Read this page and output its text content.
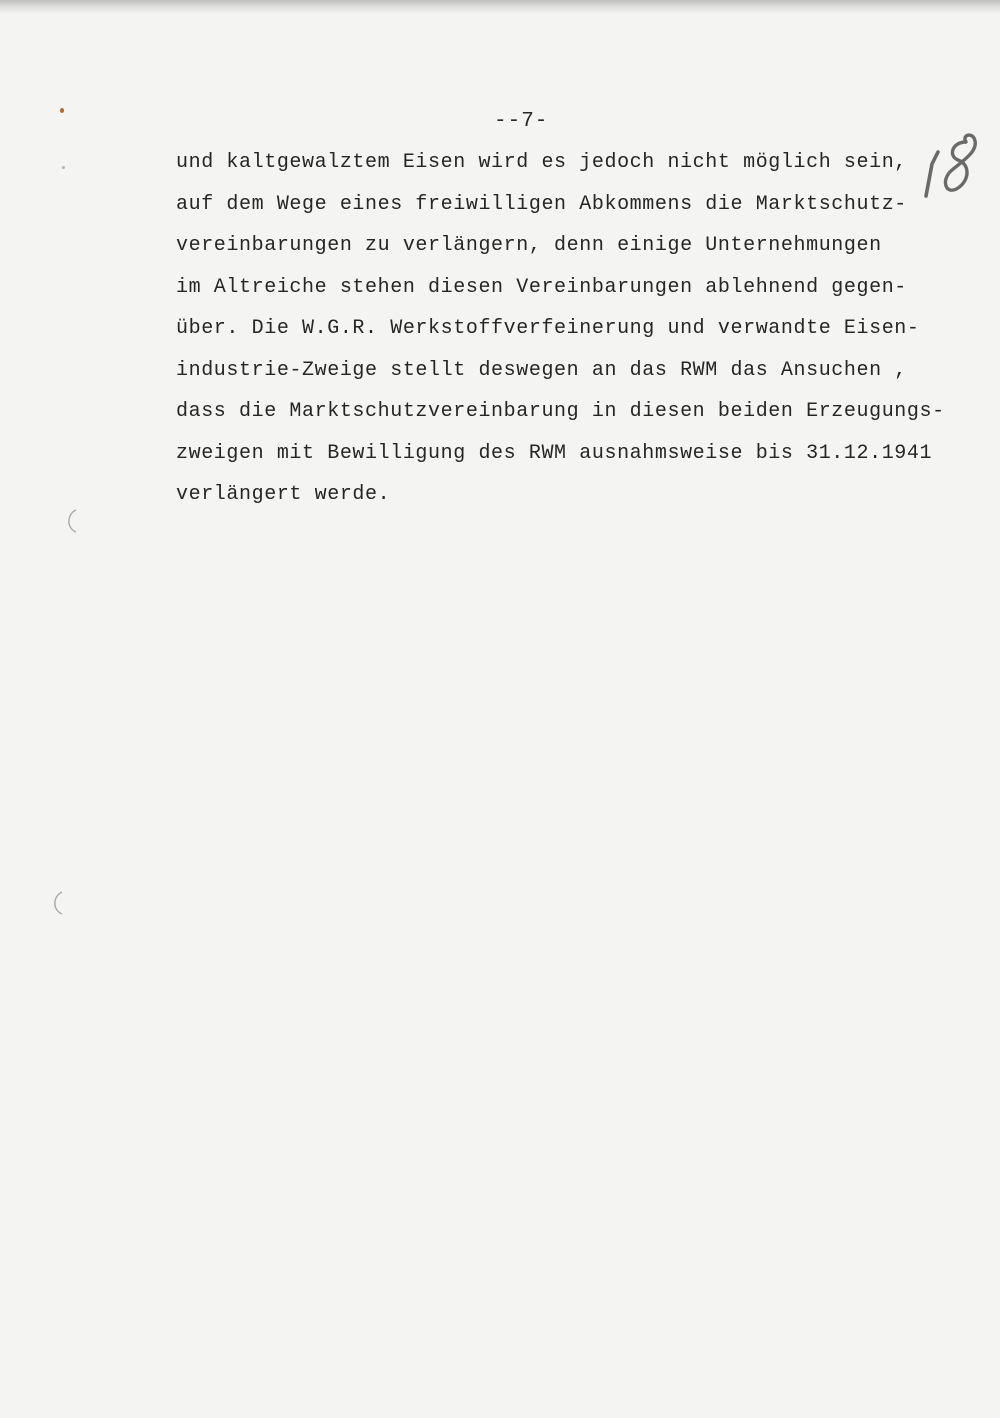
--7-
und kaltgewalztem Eisen wird es jedoch nicht möglich sein,
auf dem Wege eines freiwilligen Abkommens die Marktschutz-
vereinbarungen zu verlängern, denn einige Unternehmungen
im Altreiche stehen diesen Vereinbarungen ablehnend gegen-
über. Die W.G.R. Werkstoffverfeinerung und verwandte Eisen-
industrie-Zweige stellt deswegen an das RWM das Ansuchen ,
dass die Marktschutzvereinbarung in diesen beiden Erzeugungs-
zweigen mit Bewilligung des RWM ausnahmsweise bis 31.12.1941
verlängert werde.
